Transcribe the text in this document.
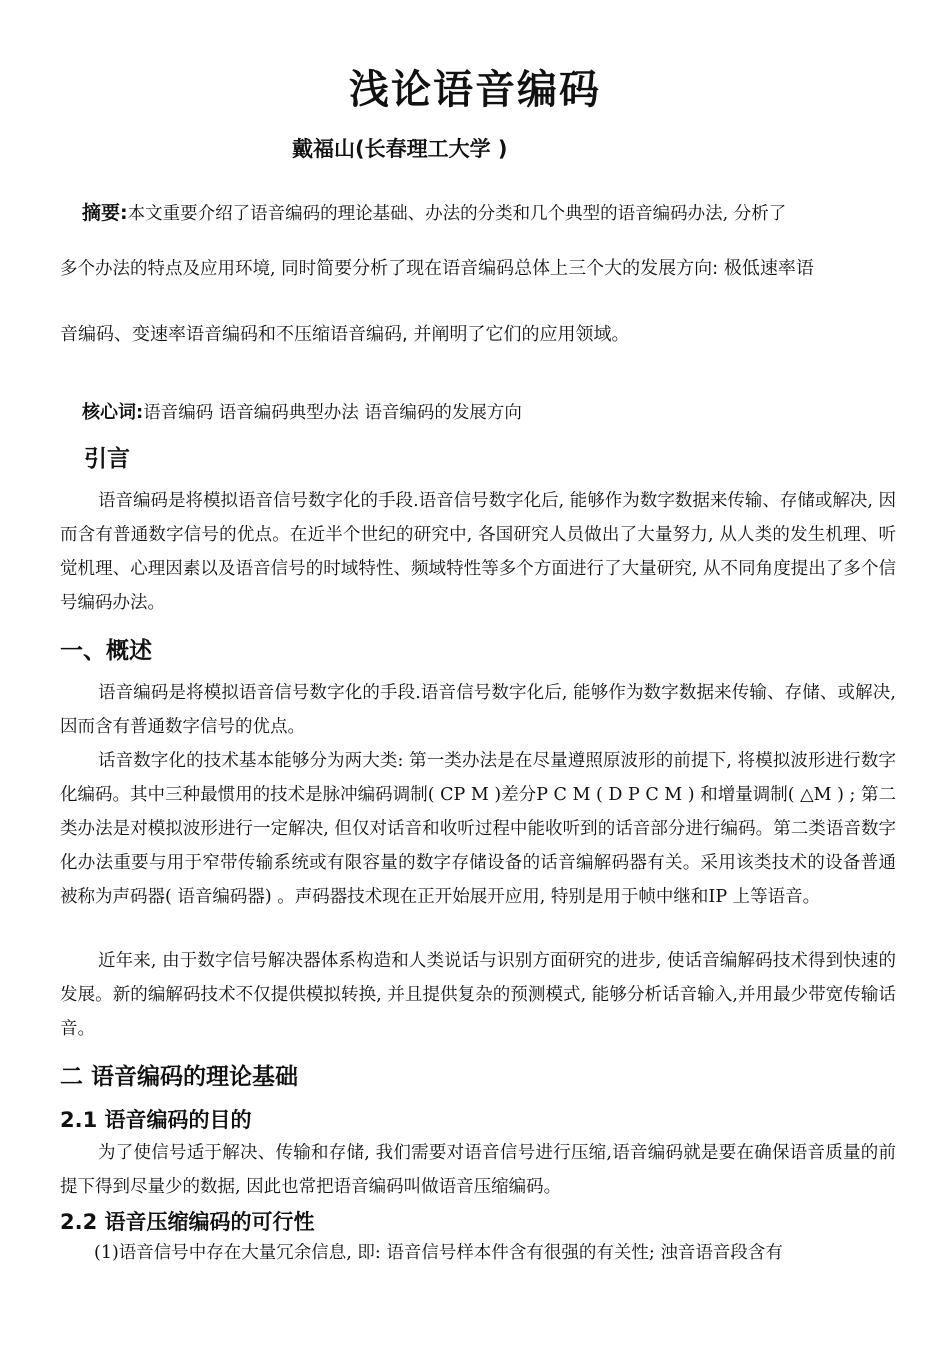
浅论语音编码
戴福山(长春理工大学 )
摘要:本文重要介绍了语音编码的理论基础、办法的分类和几个典型的语音编码办法, 分析了
多个办法的特点及应用环境, 同时简要分析了现在语音编码总体上三个大的发展方向: 极低速率语
音编码、变速率语音编码和不压缩语音编码, 并阐明了它们的应用领域。
核心词:语音编码 语音编码典型办法 语音编码的发展方向
引言
语音编码是将模拟语音信号数字化的手段.语音信号数字化后, 能够作为数字数据来传输、存储或解决, 因而含有普通数字信号的优点。在近半个世纪的研究中, 各国研究人员做出了大量努力, 从人类的发生机理、听觉机理、心理因素以及语音信号的时域特性、频域特性等多个方面进行了大量研究, 从不同角度提出了多个信号编码办法。
一、概述
语音编码是将模拟语音信号数字化的手段.语音信号数字化后, 能够作为数字数据来传输、存储、或解决, 因而含有普通数字信号的优点。
话音数字化的技术基本能够分为两大类: 第一类办法是在尽量遵照原波形的前提下, 将模拟波形进行数字化编码。其中三种最惯用的技术是脉冲编码调制( CP M )差分P C M ( D P C M ) 和增量调制( △M ) ; 第二类办法是对模拟波形进行一定解决, 但仅对话音和收听过程中能收听到的话音部分进行编码。第二类语音数字化办法重要与用于窄带传输系统或有限容量的数字存储设备的话音编解码器有关。采用该类技术的设备普通被称为声码器( 语音编码器) 。声码器技术现在正开始展开应用, 特别是用于帧中继和IP 上等语音。
近年来, 由于数字信号解决器体系构造和人类说话与识别方面研究的进步, 使话音编解码技术得到快速的发展。新的编解码技术不仅提供模拟转换, 并且提供复杂的预测模式, 能够分析话音输入,并用最少带宽传输话音。
二 语音编码的理论基础
2.1 语音编码的目的
为了使信号适于解决、传输和存储, 我们需要对语音信号进行压缩,语音编码就是要在确保语音质量的前提下得到尽量少的数据, 因此也常把语音编码叫做语音压缩编码。
2.2 语音压缩编码的可行性
(1)语音信号中存在大量冗余信息, 即: 语音信号样本件含有很强的有关性; 浊音语音段含有
